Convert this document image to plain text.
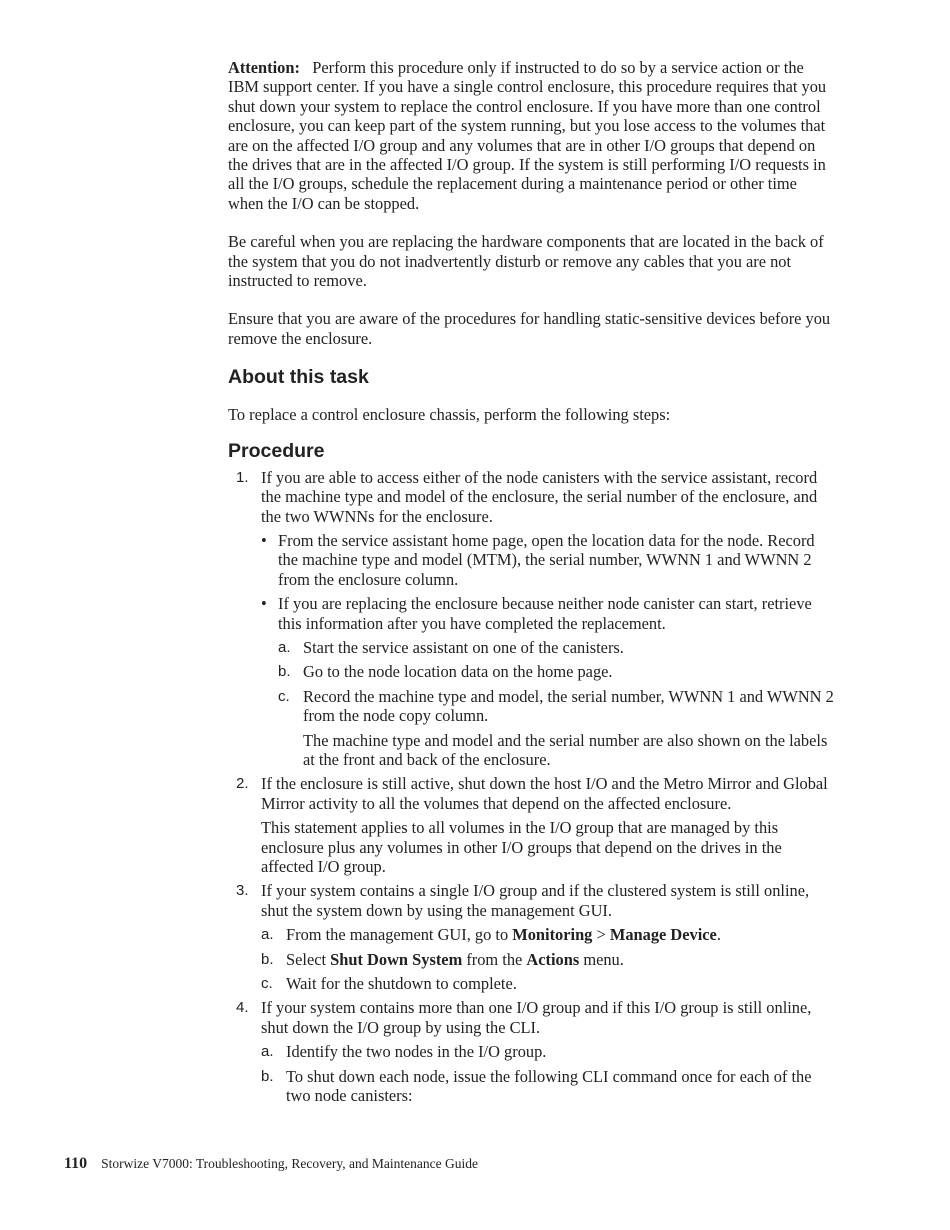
Attention: Perform this procedure only if instructed to do so by a service action or the IBM support center. If you have a single control enclosure, this procedure requires that you shut down your system to replace the control enclosure. If you have more than one control enclosure, you can keep part of the system running, but you lose access to the volumes that are on the affected I/O group and any volumes that are in other I/O groups that depend on the drives that are in the affected I/O group. If the system is still performing I/O requests in all the I/O groups, schedule the replacement during a maintenance period or other time when the I/O can be stopped.

Be careful when you are replacing the hardware components that are located in the back of the system that you do not inadvertently disturb or remove any cables that you are not instructed to remove.

Ensure that you are aware of the procedures for handling static-sensitive devices before you remove the enclosure.

About this task

To replace a control enclosure chassis, perform the following steps:

Procedure
1. If you are able to access either of the node canisters with the service assistant, record the machine type and model of the enclosure, the serial number of the enclosure, and the two WWNNs for the enclosure.

• From the service assistant home page, open the location data for the node. Record the machine type and model (MTM), the serial number, WWNN 1 and WWNN 2 from the enclosure column.

• If you are replacing the enclosure because neither node canister can start, retrieve this information after you have completed the replacement.

a. Start the service assistant on one of the canisters.

b. Go to the node location data on the home page.

c. Record the machine type and model, the serial number, WWNN 1 and WWNN 2 from the node copy column.

The machine type and model and the serial number are also shown on the labels at the front and back of the enclosure.

2. If the enclosure is still active, shut down the host I/O and the Metro Mirror and Global Mirror activity to all the volumes that depend on the affected enclosure.

This statement applies to all volumes in the I/O group that are managed by this enclosure plus any volumes in other I/O groups that depend on the drives in the affected I/O group.

3. If your system contains a single I/O group and if the clustered system is still online, shut the system down by using the management GUI.

a. From the management GUI, go to Monitoring > Manage Device.

b. Select Shut Down System from the Actions menu.

c. Wait for the shutdown to complete.

4. If your system contains more than one I/O group and if this I/O group is still online, shut down the I/O group by using the CLI.

a. Identify the two nodes in the I/O group.

b. To shut down each node, issue the following CLI command once for each of the two node canisters:

110 Storwize V7000: Troubleshooting, Recovery, and Maintenance Guide
